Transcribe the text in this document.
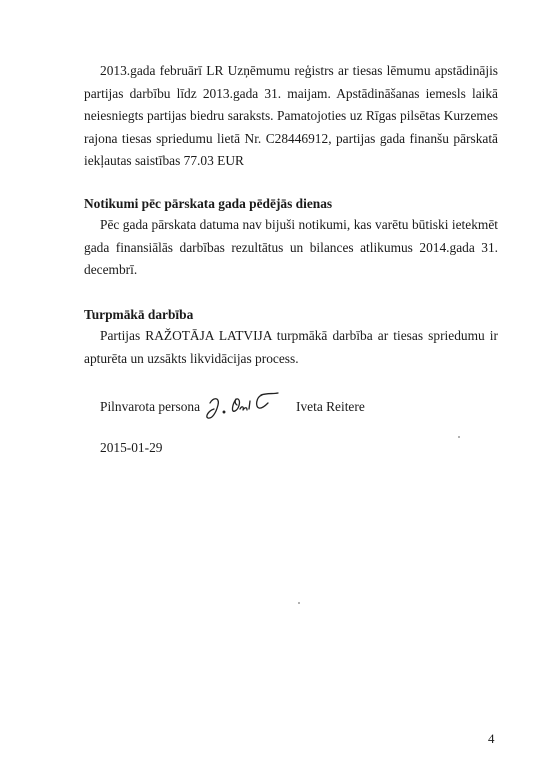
2013.gada februārī LR Uzņēmumu reģistrs ar tiesas lēmumu apstādinājis
partijas darbību līdz 2013.gada 31. maijam. Apstādināšanas iemesls laikā
neiesniegts partijas biedru saraksts. Pamatojoties uz Rīgas pilsētas Kurzemes
rajona tiesas spriedumu lietā Nr. C28446912, partijas gada finanšu pārskatā
iekļautas saistības 77.03 EUR
Notikumi pēc pārskata gada pēdējās dienas
Pēc gada pārskata datuma nav bijuši notikumi, kas varētu būtiski ietekmēt
gada finansiālās darbības rezultātus un bilances atlikumus 2014.gada 31.
decembrī.
Turpmākā darbība
Partijas RAŽOTĀJA LATVIJA turpmākā darbība ar tiesas spriedumu ir
apturēta un uzsākts likvidācijas process.
Pilnvarota persona	Iveta Reitere
2015-01-29
4
